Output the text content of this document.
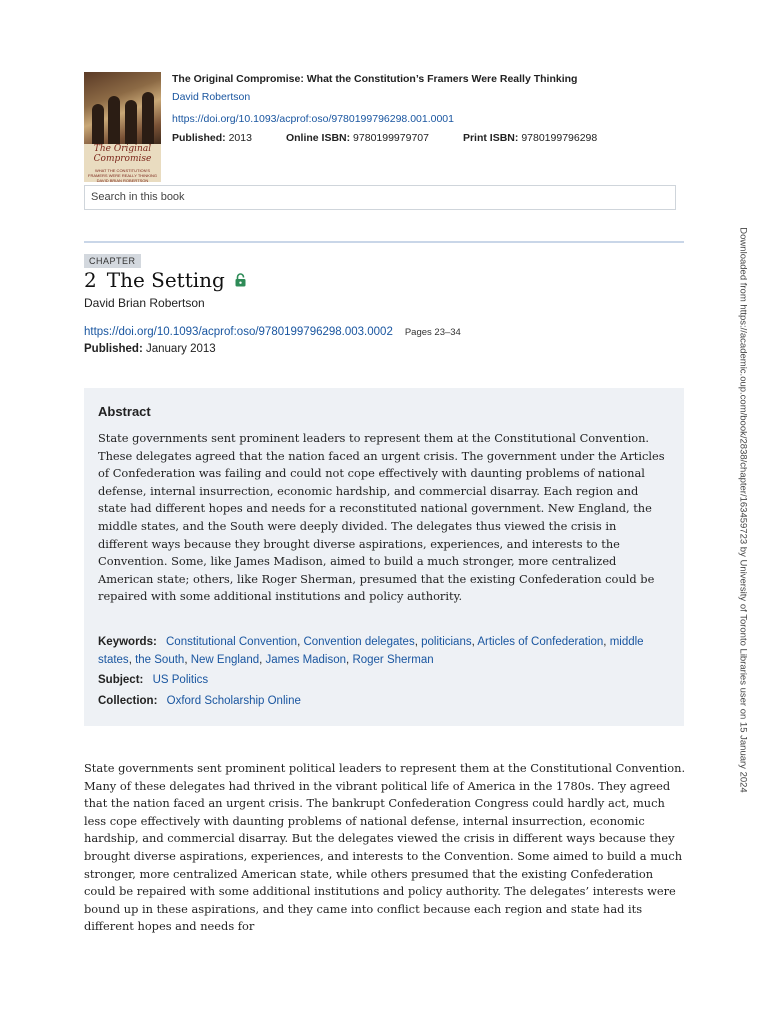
The Original Compromise
WHAT THE CONSTITUTION'S FRAMERS WERE REALLY THINKING
DAVID BRIAN ROBERTSON
The Original Compromise: What the Constitution’s Framers Were Really Thinking
David Robertson
https://doi.org/10.1093/acprof:oso/9780199796298.001.0001
Published: 2013	Online ISBN: 9780199979707	Print ISBN: 9780199796298
Search in this book
CHAPTER
2 The Setting
David Brian Robertson
https://doi.org/10.1093/acprof:oso/9780199796298.003.0002 Pages 23–34
Published: January 2013
Abstract
State governments sent prominent leaders to represent them at the Constitutional Convention. These delegates agreed that the nation faced an urgent crisis. The government under the Articles of Confederation was failing and could not cope effectively with daunting problems of national defense, internal insurrection, economic hardship, and commercial disarray. Each region and state had different hopes and needs for a reconstituted national government. New England, the middle states, and the South were deeply divided. The delegates thus viewed the crisis in different ways because they brought diverse aspirations, experiences, and interests to the Convention. Some, like James Madison, aimed to build a much stronger, more centralized American state; others, like Roger Sherman, presumed that the existing Confederation could be repaired with some additional institutions and policy authority.
Keywords: Constitutional Convention, Convention delegates, politicians, Articles of Confederation, middle states, the South, New England, James Madison, Roger Sherman
Subject: US Politics
Collection: Oxford Scholarship Online
State governments sent prominent political leaders to represent them at the Constitutional Convention. Many of these delegates had thrived in the vibrant political life of America in the 1780s. They agreed that the nation faced an urgent crisis. The bankrupt Confederation Congress could hardly act, much less cope effectively with daunting problems of national defense, internal insurrection, economic hardship, and commercial disarray. But the delegates viewed the crisis in different ways because they brought diverse aspirations, experiences, and interests to the Convention. Some aimed to build a much stronger, more centralized American state, while others presumed that the existing Confederation could be repaired with some additional institutions and policy authority. The delegates’ interests were bound up in these aspirations, and they came into conflict because each region and state had its different hopes and needs for
Downloaded from https://academic.oup.com/book/2838/chapter/163459723 by University of Toronto Libraries user on 15 January 2024
